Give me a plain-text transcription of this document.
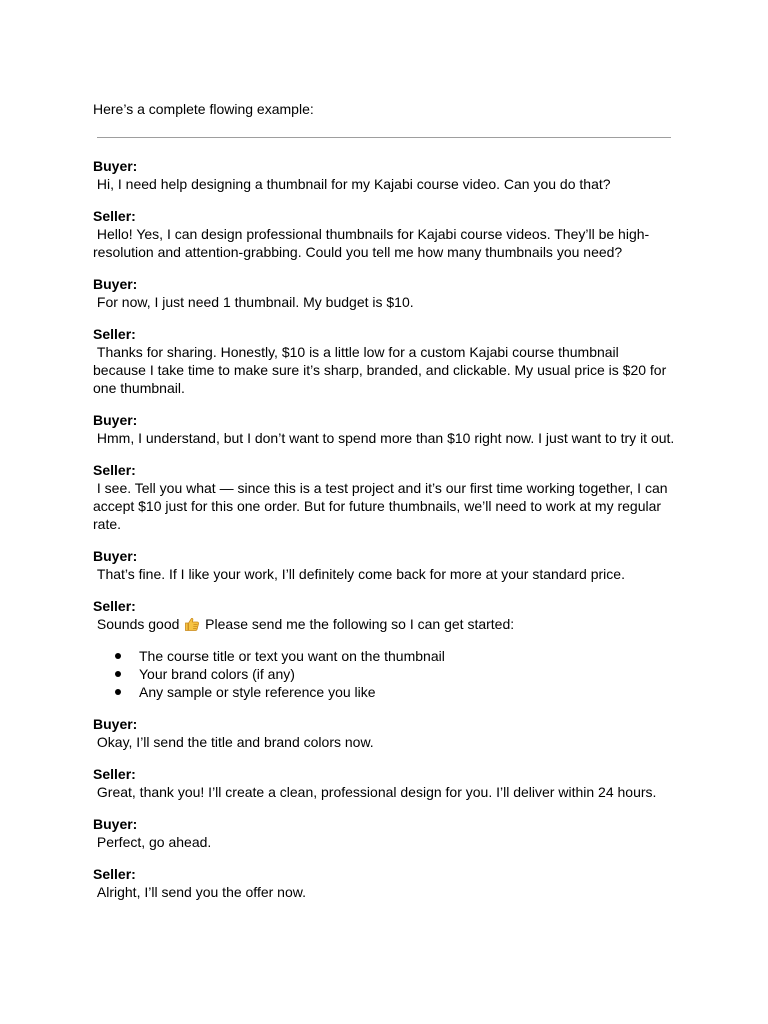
Here’s a complete flowing example:

Buyer:
Hi, I need help designing a thumbnail for my Kajabi course video. Can you do that?
Seller:
Hello! Yes, I can design professional thumbnails for Kajabi course videos. They’ll be high-resolution and attention-grabbing. Could you tell me how many thumbnails you need?
Buyer:
For now, I just need 1 thumbnail. My budget is $10.
Seller:
Thanks for sharing. Honestly, $10 is a little low for a custom Kajabi course thumbnail because I take time to make sure it’s sharp, branded, and clickable. My usual price is $20 for one thumbnail.
Buyer:
Hmm, I understand, but I don’t want to spend more than $10 right now. I just want to try it out.
Seller:
I see. Tell you what — since this is a test project and it’s our first time working together, I can accept $10 just for this one order. But for future thumbnails, we’ll need to work at my regular rate.
Buyer:
That’s fine. If I like your work, I’ll definitely come back for more at your standard price.
Seller:
Sounds good  Please send me the following so I can get started:
The course title or text you want on the thumbnail
Your brand colors (if any)
Any sample or style reference you like
Buyer:
Okay, I’ll send the title and brand colors now.
Seller:
Great, thank you! I’ll create a clean, professional design for you. I’ll deliver within 24 hours.
Buyer:
Perfect, go ahead.
Seller:
Alright, I’ll send you the offer now.
